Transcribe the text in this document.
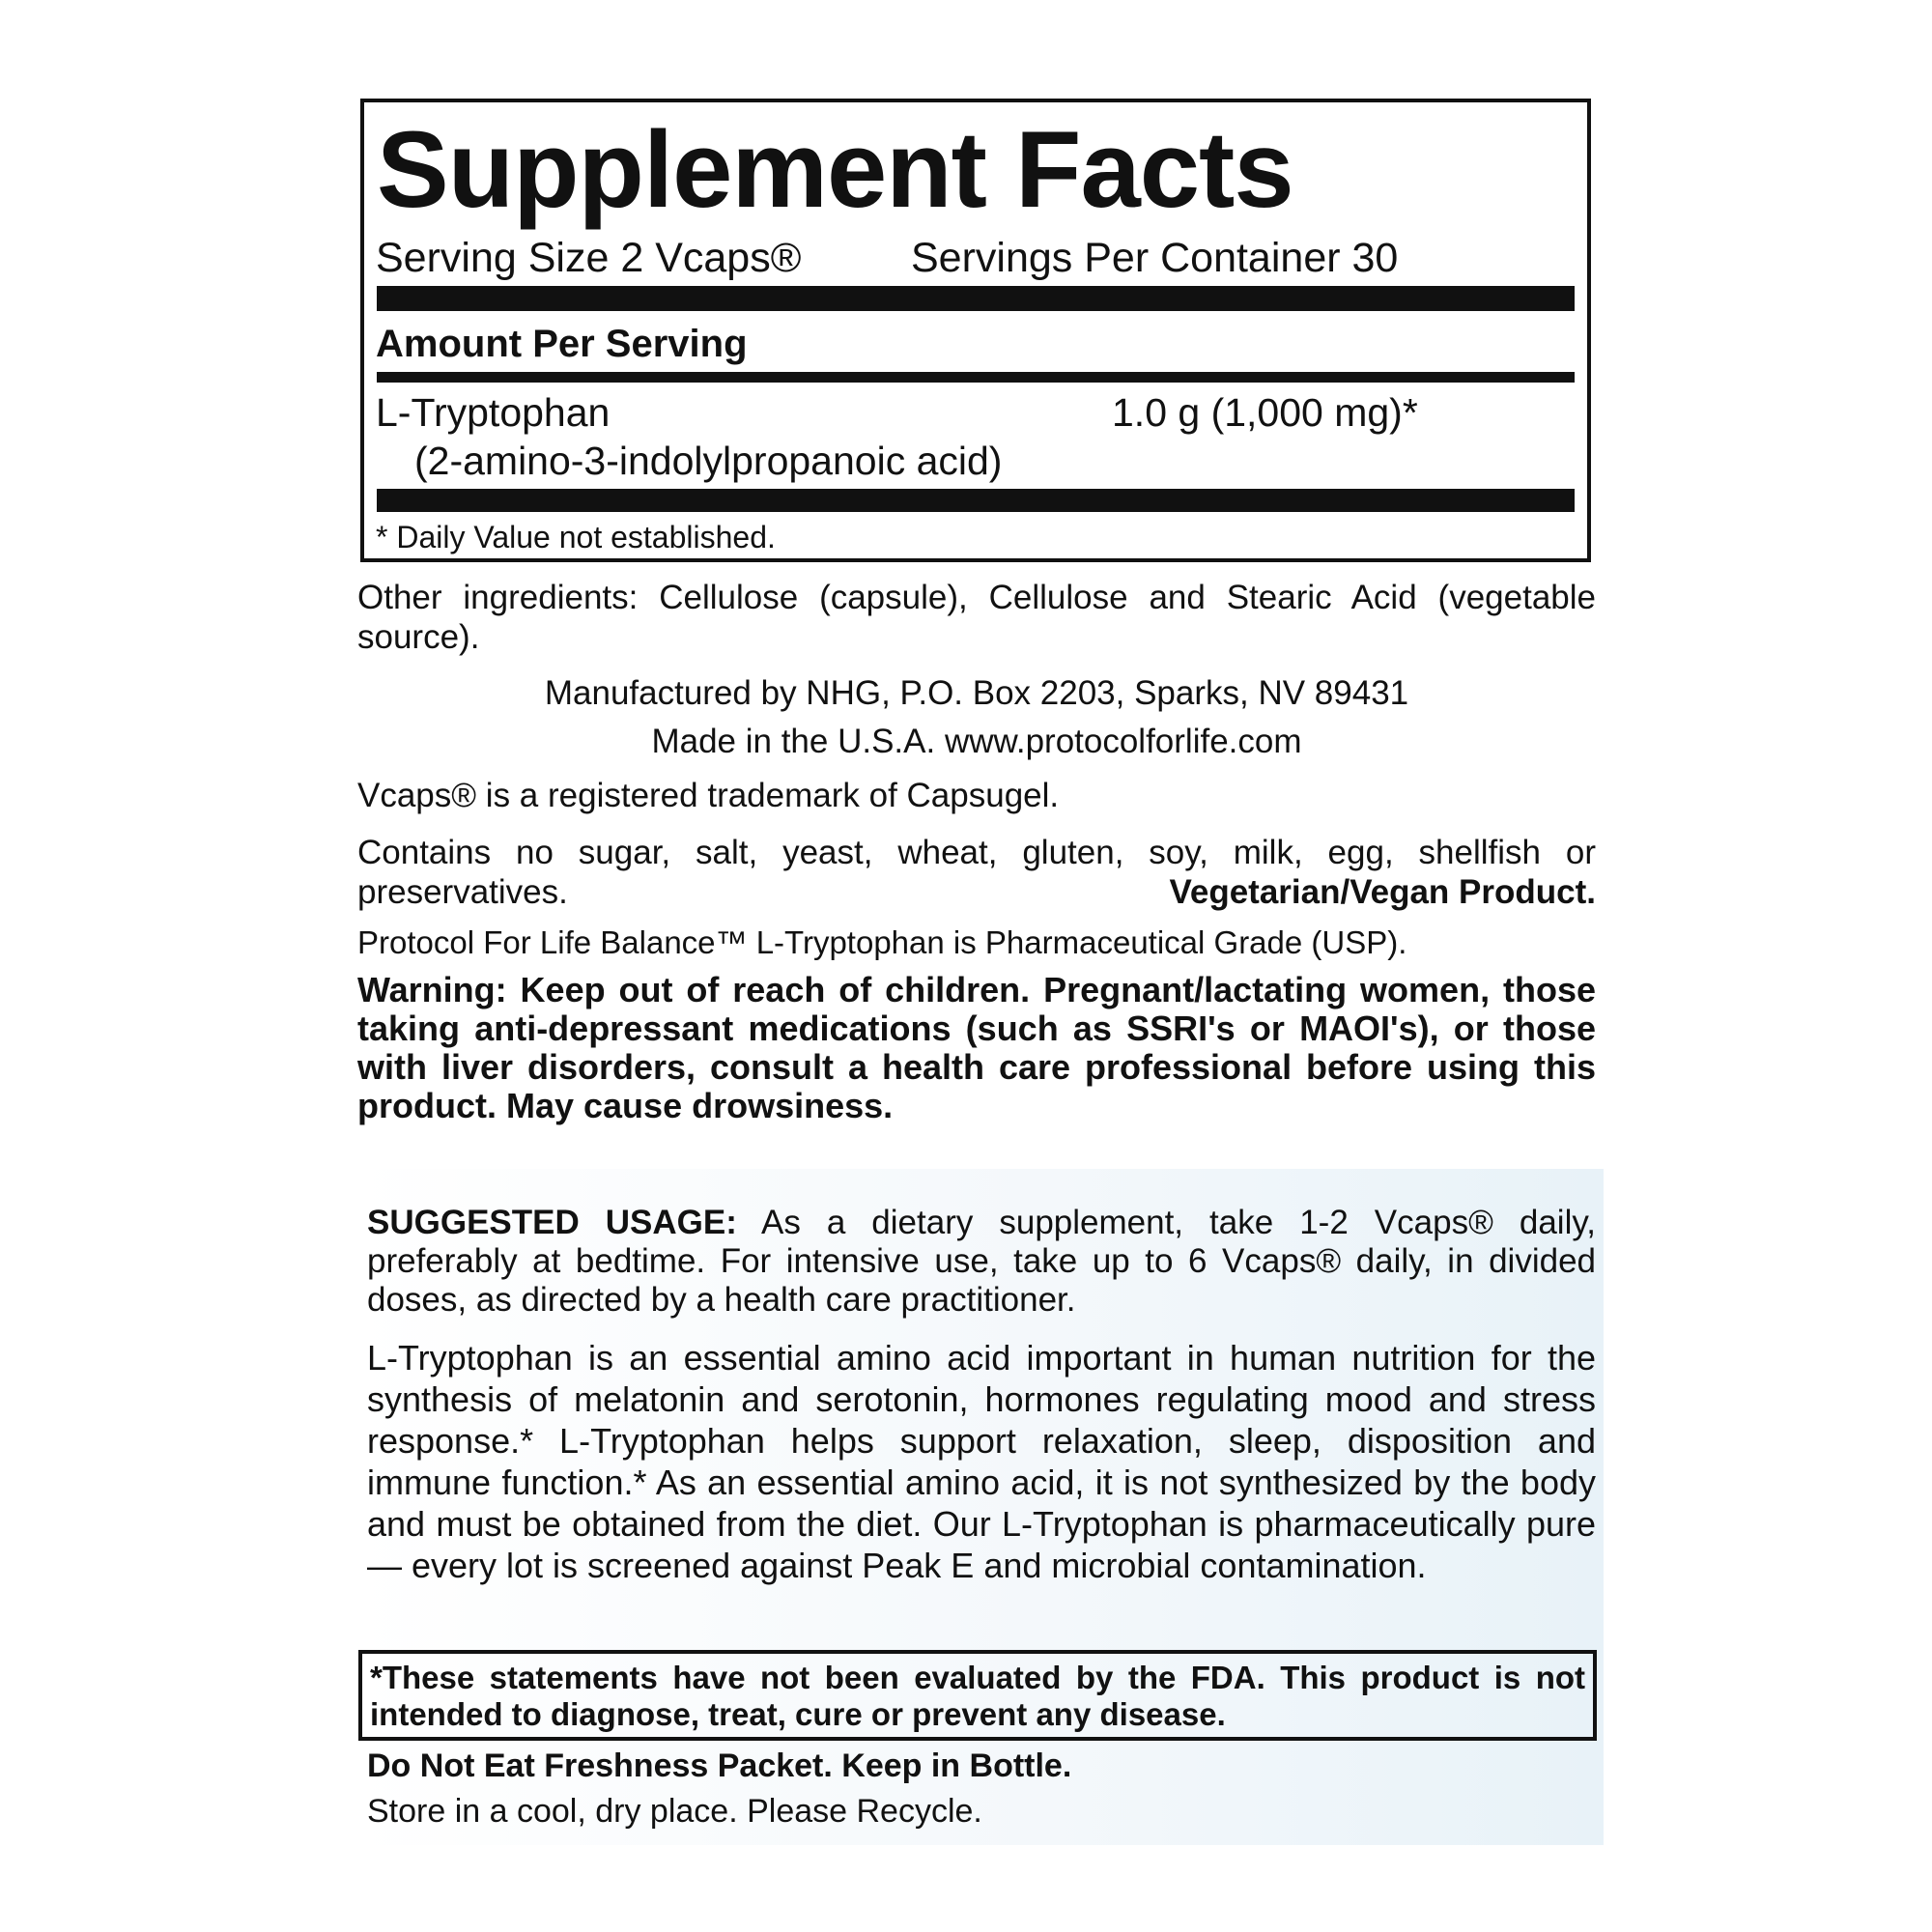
Supplement Facts
Serving Size 2 Vcaps®	Servings Per Container 30
Amount Per Serving
L-Tryptophan	1.0 g (1,000 mg)*
(2-amino-3-indolylpropanoic acid)
* Daily Value not established.
Other ingredients: Cellulose (capsule), Cellulose and Stearic Acid (vegetable source).
Manufactured by NHG, P.O. Box 2203, Sparks, NV 89431
Made in the U.S.A. www.protocolforlife.com
Vcaps® is a registered trademark of Capsugel.
Contains no sugar, salt, yeast, wheat, gluten, soy, milk, egg, shellfish or preservatives.	Vegetarian/Vegan Product.
Protocol For Life Balance™ L-Tryptophan is Pharmaceutical Grade (USP).
Warning: Keep out of reach of children. Pregnant/lactating women, those taking anti-depressant medications (such as SSRI's or MAOI's), or those with liver disorders, consult a health care professional before using this product. May cause drowsiness.
SUGGESTED USAGE: As a dietary supplement, take 1-2 Vcaps® daily, preferably at bedtime. For intensive use, take up to 6 Vcaps® daily, in divided doses, as directed by a health care practitioner.
L-Tryptophan is an essential amino acid important in human nutrition for the synthesis of melatonin and serotonin, hormones regulating mood and stress response.* L-Tryptophan helps support relaxation, sleep, disposition and immune function.* As an essential amino acid, it is not synthesized by the body and must be obtained from the diet. Our L-Tryptophan is pharmaceutically pure — every lot is screened against Peak E and microbial contamination.
*These statements have not been evaluated by the FDA. This product is not intended to diagnose, treat, cure or prevent any disease.
Do Not Eat Freshness Packet. Keep in Bottle.
Store in a cool, dry place. Please Recycle.
